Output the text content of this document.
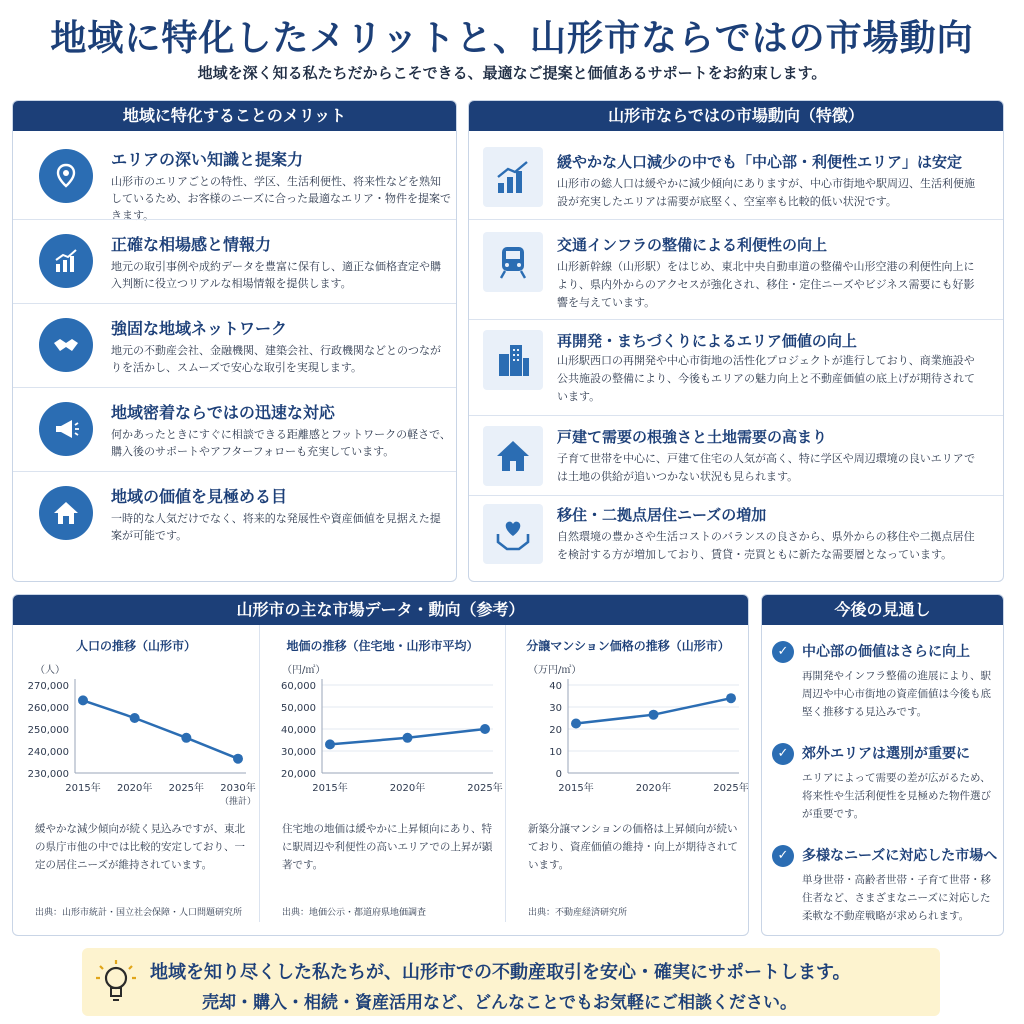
地域に特化したメリットと、山形市ならではの市場動向
地域を深く知る私たちだからこそできる、最適なご提案と価値あるサポートをお約束します。
地域に特化することのメリット
エリアの深い知識と提案力
山形市のエリアごとの特性、学区、生活利便性、将来性などを熟知しているため、お客様のニーズに合った最適なエリア・物件を提案できます。
正確な相場感と情報力
地元の取引事例や成約データを豊富に保有し、適正な価格査定や購入判断に役立つリアルな相場情報を提供します。
強固な地域ネットワーク
地元の不動産会社、金融機関、建築会社、行政機関などとのつながりを活かし、スムーズで安心な取引を実現します。
地域密着ならではの迅速な対応
何かあったときにすぐに相談できる距離感とフットワークの軽さで、購入後のサポートやアフターフォローも充実しています。
地域の価値を見極める目
一時的な人気だけでなく、将来的な発展性や資産価値を見据えた提案が可能です。
山形市ならではの市場動向（特徴）
緩やかな人口減少の中でも「中心部・利便性エリア」は安定
山形市の総人口は緩やかに減少傾向にありますが、中心市街地や駅周辺、生活利便施設が充実したエリアは需要が底堅く、空室率も比較的低い状況です。
交通インフラの整備による利便性の向上
山形新幹線（山形駅）をはじめ、東北中央自動車道の整備や山形空港の利便性向上により、県内外からのアクセスが強化され、移住・定住ニーズやビジネス需要にも好影響を与えています。
再開発・まちづくりによるエリア価値の向上
山形駅西口の再開発や中心市街地の活性化プロジェクトが進行しており、商業施設や公共施設の整備により、今後もエリアの魅力向上と不動産価値の底上げが期待されています。
戸建て需要の根強さと土地需要の高まり
子育て世帯を中心に、戸建て住宅の人気が高く、特に学区や周辺環境の良いエリアでは土地の供給が追いつかない状況も見られます。
移住・二拠点居住ニーズの増加
自然環境の豊かさや生活コストのバランスの良さから、県外からの移住や二拠点居住を検討する方が増加しており、賃貸・売買ともに新たな需要層となっています。
山形市の主な市場データ・動向（参考）
人口の推移（山形市）
（人）
270,000
260,000
250,000
240,000
230,000
2015年 2020年 2025年 2030年
（推計）
緩やかな減少傾向が続く見込みですが、東北の県庁市他の中では比較的安定しており、一定の居住ニーズが維持されています。
出典：山形市統計・国立社会保障・人口問題研究所
地価の推移（住宅地・山形市平均）
（円/㎡）
60,000
50,000
40,000
30,000
20,000
2015年	2020年	2025年
住宅地の地価は緩やかに上昇傾向にあり、特に駅周辺や利便性の高いエリアでの上昇が顕著です。
出典：地価公示・都道府県地価調査
分譲マンション価格の推移（山形市）
（万円/㎡）
40
30
20
10
0
2015年	2020年	2025年
新築分譲マンションの価格は上昇傾向が続いており、資産価値の維持・向上が期待されています。
出典：不動産経済研究所
今後の見通し
✓ 中心部の価値はさらに向上
再開発やインフラ整備の進展により、駅周辺や中心市街地の資産価値は今後も底堅く推移する見込みです。
✓ 郊外エリアは選別が重要に
エリアによって需要の差が広がるため、将来性や生活利便性を見極めた物件選びが重要です。
✓ 多様なニーズに対応した市場へ
単身世帯・高齢者世帯・子育て世帯・移住者など、さまざまなニーズに対応した柔軟な不動産戦略が求められます。
地域を知り尽くした私たちが、山形市での不動産取引を安心・確実にサポートします。
売却・購入・相続・資産活用など、どんなことでもお気軽にご相談ください。
